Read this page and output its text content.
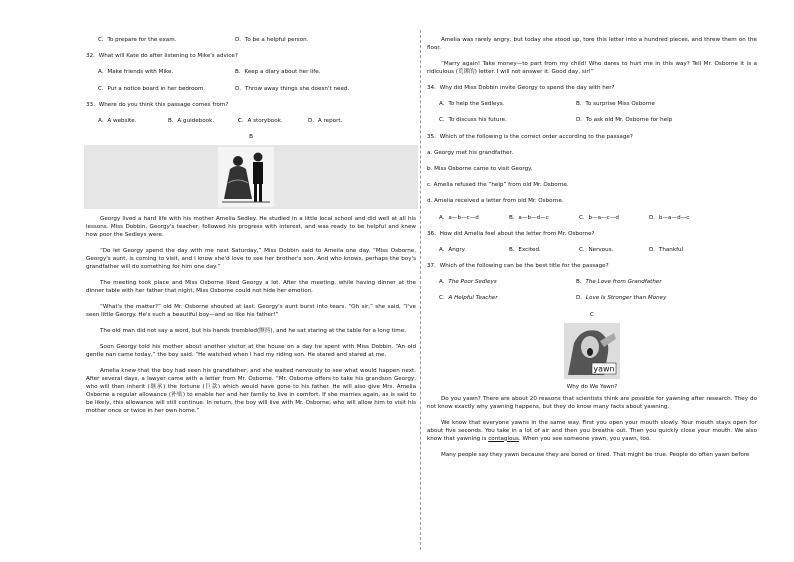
C．To prepare for the exam.	D．To be a helpful person.
32．What will Kate do after listening to Mike's advice?
A．Make friends with Mike.	B．Keep a diary about her life.
C．Put a notice board in her bedroom.	D．Throw away things she doesn't need.
33．Where do you think this passage comes from?
A．A website.	B．A guidebook.	C．A storybook.	D．A report.
B
Georgy lived a hard life with his mother Amelia Sedley. He studied in a little local school and did well at all his lessons. Miss Dobbin, Georgy's teacher, followed his progress with interest, and was ready to be helpful and knew how poor the Sedleys were.
“Do let Georgy spend the day with me next Saturday,” Miss Dobbin said to Ameila one day. “Miss Osborne, Georgy's aunt, is coming to visit, and I know she'd love to see her brother's son. And who knows, perhaps the boy's grandfather will do something for him one day.”
The meeting took place and Miss Osborne liked Georgy a lot. After the meeting, while having dinner at the dinner table with her father that night, Miss Osborne could not hide her emotion.
“What's the matter?” old Mr. Osborne shouted at last. Georgy's aunt burst into tears. “Oh sir,” she said, “I've seen little Georgy. He's such a beautiful boy—and so like his father!”
The old man did not say a word, but his hands trembled(颤抖), and he sat staring at the table for a long time.
Soon Georgy told his mother about another visitor at the house on a day he spent with Miss Dobbin. “An old gentle nan came today,” the boy said. “He watched when I had my riding son. He stared and stared at me.
Amelia knew that the boy had seen his grandfather, and she waited nervously to see what would happen next. After several days, a lawyer came with a letter from Mr. Osborne. “Mr. Osborne offers to take his grandson Georgy, who will then inherit (继承) the fortune (巨款) which would have gone to his father. He will also give Mrs. Amelia Osborne a regular allowance (补贴) to enable her and her family to live in comfort. If she marries again, as is said to be likely, this allowance will still continue. In return, the boy will live with Mr. Osborne, who will allow him to visit his mother once or twice in her own home.”
Amelia was rarely angry, but today she stood up, tore this letter into a hundred pieces, and threw them on the floor.
“Marry again! Take money—to part from my child! Who dares to hurt me in this way? Tell Mr. Osborne it is a ridiculous (荒谬的) letter. I will not answer it. Good day, sir!”
34．Why did Miss Dobbin invite Georgy to spend the day with her?
A．To help the Sedleys.	B．To surprise Miss Osborne
C．To discuss his future.	D．To ask old Mr. Osborne for help
35．Which of the following is the correct order according to the passage?
a. Georgy met his grandfather.
b. Miss Osborne came to visit Georgy.
c. Amelia refused the “help” from old Mr. Osborne.
d. Amelia received a letter from old Mr. Osborne.
A．a—b—c—d	B．a—b—d—c	C．b—a—c—d	D．b—a—d—c
36．How did Amelia feel about the letter from Mr. Osborne?
A．Angry.	B．Excited.	C．Nervous.	D．Thankful
37．Which of the following can be the best title for the passage?
A．The Poor Sedleys	B．The Love from Grandfather
C．A Helpful Teacher	D．Love Is Stronger than Money
C
yawn
Why do We Yawn?
Do you yawn? There are about 20 reasons that scientists think are possible for yawning after research. They do not know exactly why yawning happens, but they do know many facts about yawning.
We know that everyone yawns in the same way. First you open your mouth slowly. Your mouth stays open for about five seconds. You take in a lot of air and then you breathe out. Then you quickly close your mouth. We also know that yawning is contagious. When you see someone yawn, you yawn, too.
Many people say they yawn because they are bored or tired. That might be true. People do often yawn before
